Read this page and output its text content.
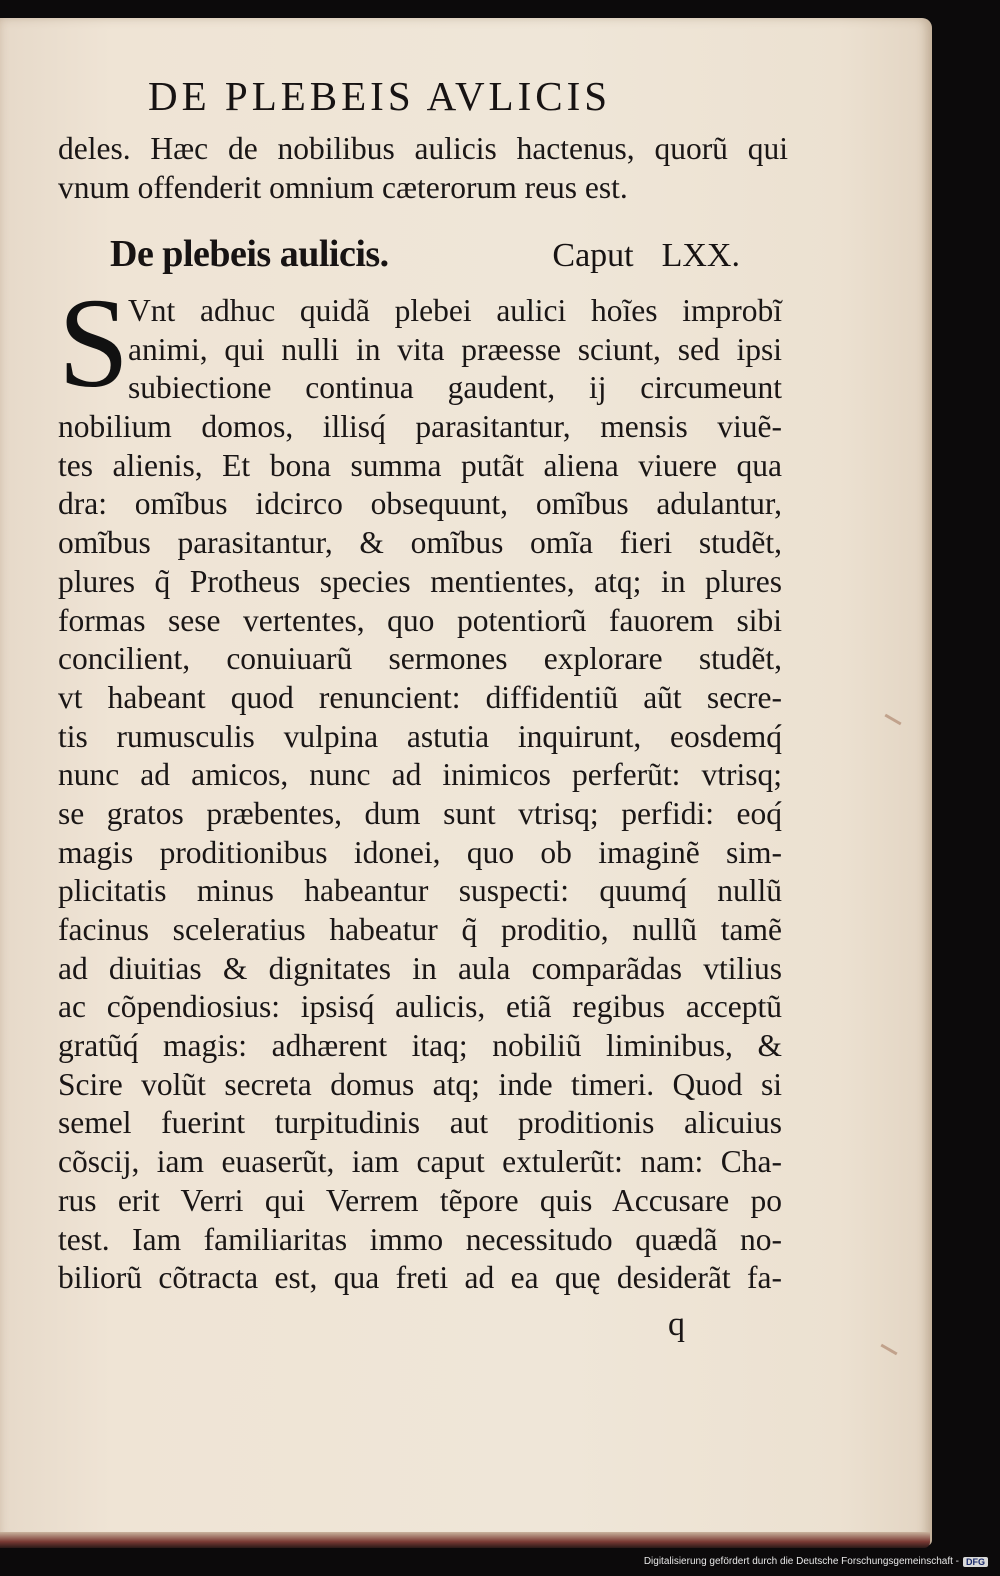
DE PLEBEIS AVLICIS
deles. Hæc de nobilibus aulicis hactenus, quorũ qui
vnum offenderit omnium cæterorum reus est.
De plebeis aulicis.	Caput LXX.
S
Vnt adhuc quidã plebei aulici hoĩes improbĩ
animi, qui nulli in vita præesse sciunt, sed ipsi
subiectione continua gaudent, ij circumeunt
nobilium domos, illisq́ parasitantur, mensis viuẽ-
tes alienis, Et bona summa putãt aliena viuere qua
dra: omĩbus idcirco obsequunt, omĩbus adulantur,
omĩbus parasitantur, & omĩbus omĩa fieri studẽt,
plures q̃ Protheus species mentientes, atq; in plures
formas sese vertentes, quo potentiorũ fauorem sibi
concilient, conuiuarũ sermones explorare studẽt,
vt habeant quod renuncient: diffidentiũ aũt secre-
tis rumusculis vulpina astutia inquirunt, eosdemq́
nunc ad amicos, nunc ad inimicos perferũt: vtrisq;
se gratos præbentes, dum sunt vtrisq; perfidi: eoq́
magis proditionibus idonei, quo ob imaginẽ sim-
plicitatis minus habeantur suspecti: quumq́ nullũ
facinus sceleratius habeatur q̃ proditio, nullũ tamẽ
ad diuitias & dignitates in aula comparãdas vtilius
ac cõpendiosius: ipsisq́ aulicis, etiã regibus acceptũ
gratũq́ magis: adhærent itaq; nobiliũ liminibus, &
Scire volũt secreta domus atq; inde timeri. Quod si
semel fuerint turpitudinis aut proditionis alicuius
cõscij, iam euaserũt, iam caput extulerũt: nam: Cha-
rus erit Verri qui Verrem tẽpore quis Accusare po
test. Iam familiaritas immo necessitudo quædã no-
biliorũ cõtracta est, qua freti ad ea quę desiderãt fa-
q
Digitalisierung gefördert durch die Deutsche Forschungsgemeinschaft - DFG
